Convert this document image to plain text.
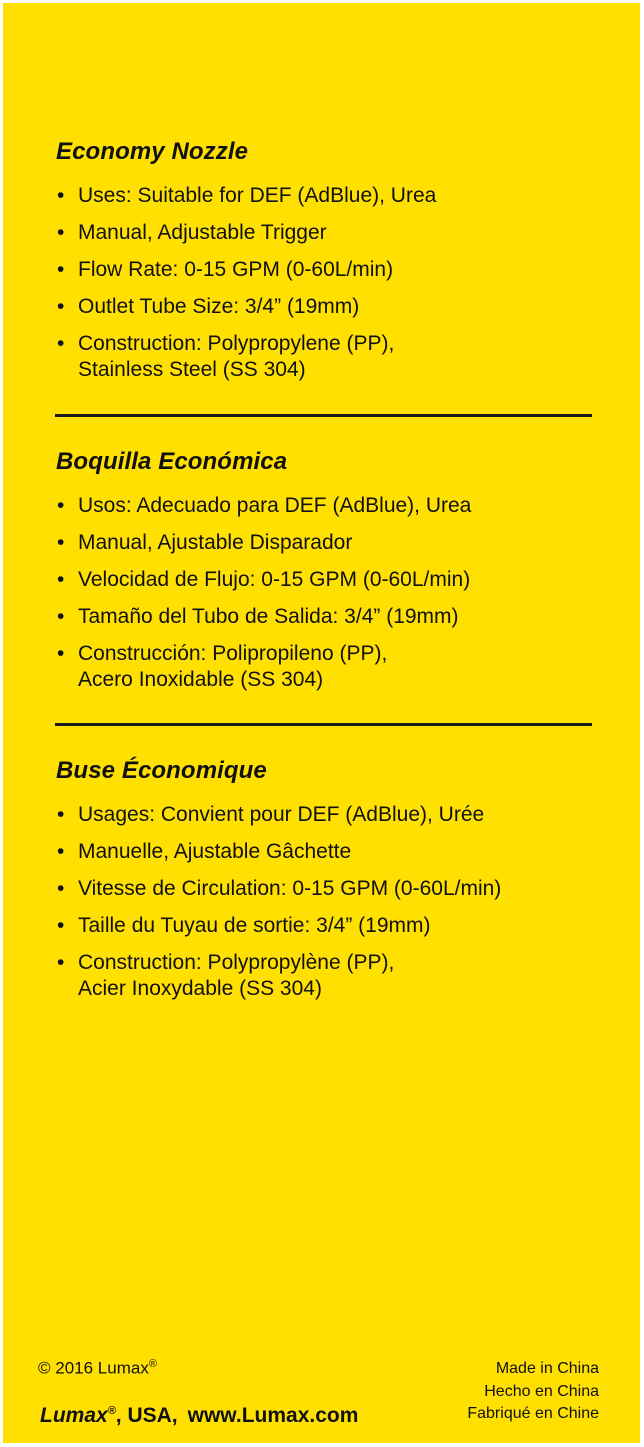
Economy Nozzle
• Uses: Suitable for DEF (AdBlue), Urea
• Manual, Adjustable Trigger
• Flow Rate: 0-15 GPM (0-60L/min)
• Outlet Tube Size: 3/4” (19mm)
• Construction: Polypropylene (PP),
Stainless Steel (SS 304)
Boquilla Económica
• Usos: Adecuado para DEF (AdBlue), Urea
• Manual, Ajustable Disparador
• Velocidad de Flujo: 0-15 GPM (0-60L/min)
• Tamaño del Tubo de Salida: 3/4” (19mm)
• Construcción: Polipropileno (PP),
Acero Inoxidable (SS 304)
Buse Économique
• Usages: Convient pour DEF (AdBlue), Urée
• Manuelle, Ajustable Gâchette
• Vitesse de Circulation: 0-15 GPM (0-60L/min)
• Taille du Tuyau de sortie: 3/4” (19mm)
• Construction: Polypropylène (PP),
Acier Inoxydable (SS 304)
© 2016 Lumax®
Lumax®, USA, www.Lumax.com
Made in China
Hecho en China
Fabriqué en Chine
